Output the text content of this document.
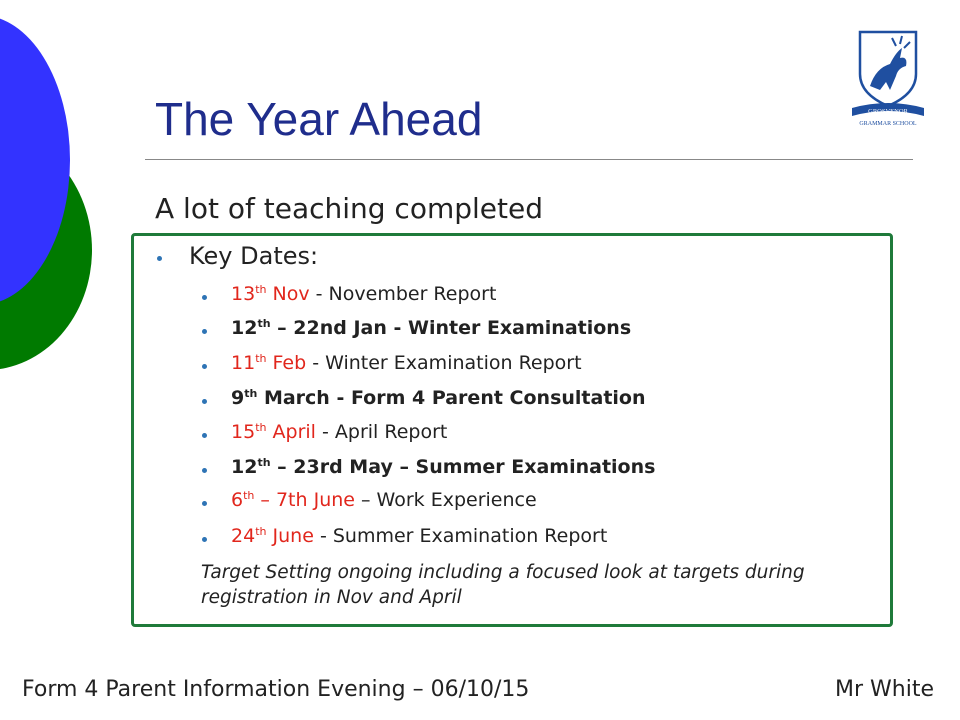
The Year Ahead	GROSVENOR
GRAMMAR SCHOOL
A lot of teaching completed
Key Dates:
13th Nov - November Report
12th – 22nd Jan - Winter Examinations
11th Feb - Winter Examination Report
9th March - Form 4 Parent Consultation
15th April - April Report
12th – 23rd May – Summer Examinations
6th – 7th June – Work Experience
24th June - Summer Examination Report
Target Setting ongoing including a focused look at targets during registration in Nov and April
Form 4 Parent Information Evening – 06/10/15	Mr White
